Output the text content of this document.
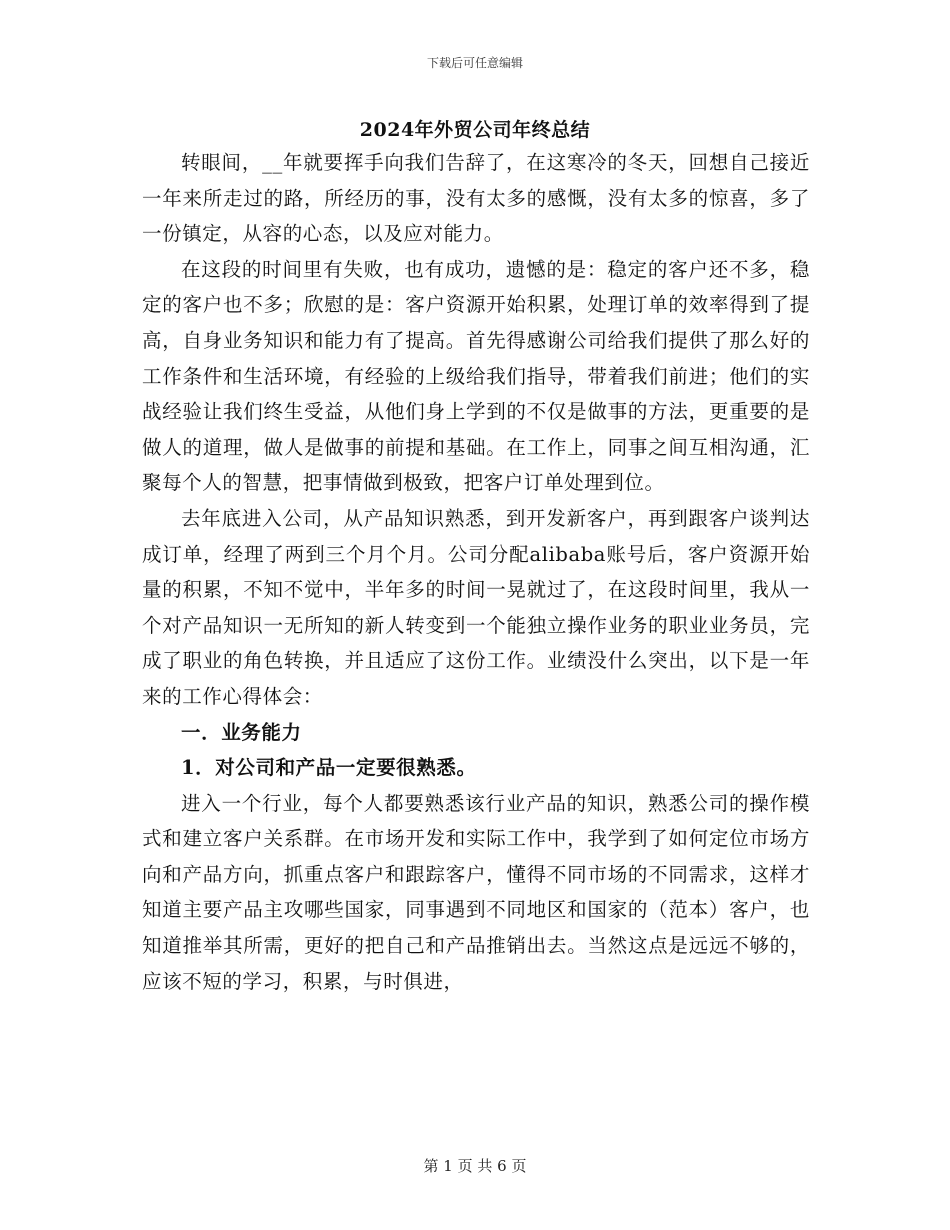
下载后可任意编辑
2024年外贸公司年终总结

转眼间，__年就要挥手向我们告辞了，在这寒冷的冬天，回想自己接近一年来所走过的路，所经历的事，没有太多的感慨，没有太多的惊喜，多了一份镇定，从容的心态，以及应对能力。

在这段的时间里有失败，也有成功，遗憾的是：稳定的客户还不多，稳定的客户也不多；欣慰的是：客户资源开始积累，处理订单的效率得到了提高，自身业务知识和能力有了提高。首先得感谢公司给我们提供了那么好的工作条件和生活环境，有经验的上级给我们指导，带着我们前进；他们的实战经验让我们终生受益，从他们身上学到的不仅是做事的方法，更重要的是做人的道理，做人是做事的前提和基础。在工作上，同事之间互相沟通，汇聚每个人的智慧，把事情做到极致，把客户订单处理到位。

去年底进入公司，从产品知识熟悉，到开发新客户，再到跟客户谈判达成订单，经理了两到三个月个月。公司分配alibaba账号后，客户资源开始量的积累，不知不觉中，半年多的时间一晃就过了，在这段时间里，我从一个对产品知识一无所知的新人转变到一个能独立操作业务的职业业务员，完成了职业的角色转换，并且适应了这份工作。业绩没什么突出，以下是一年来的工作心得体会：

一．业务能力

1．对公司和产品一定要很熟悉。

进入一个行业，每个人都要熟悉该行业产品的知识，熟悉公司的操作模式和建立客户关系群。在市场开发和实际工作中，我学到了如何定位市场方向和产品方向，抓重点客户和跟踪客户，懂得不同市场的不同需求，这样才知道主要产品主攻哪些国家，同事遇到不同地区和国家的（范本）客户，也知道推举其所需，更好的把自己和产品推销出去。当然这点是远远不够的，应该不短的学习，积累，与时俱进，

第 1 页 共 6 页
